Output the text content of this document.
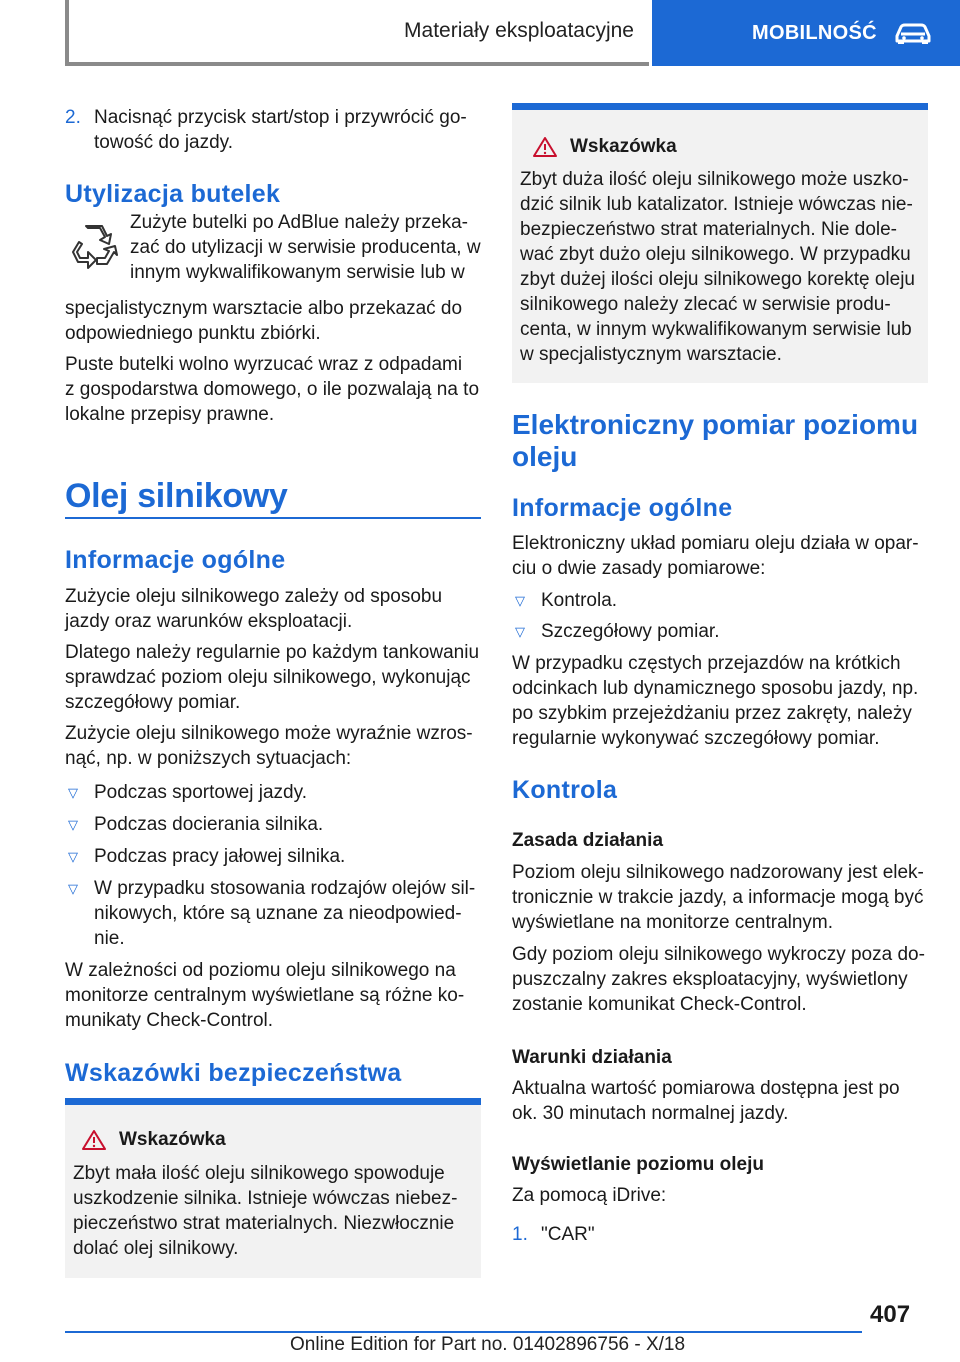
Materiały eksploatacyjne	MOBILNOŚĆ
2. Nacisnąć przycisk start/stop i przywrócić go-
towość do jazdy.
Utylizacja butelek
Zużyte butelki po AdBlue należy przeka-
zać do utylizacji w serwisie producenta, w
innym wykwalifikowanym serwisie lub w
specjalistycznym warsztacie albo przekazać do
odpowiedniego punktu zbiórki.
Puste butelki wolno wyrzucać wraz z odpadami
z gospodarstwa domowego, o ile pozwalają na to
lokalne przepisy prawne.
Olej silnikowy
Informacje ogólne
Zużycie oleju silnikowego zależy od sposobu
jazdy oraz warunków eksploatacji.
Dlatego należy regularnie po każdym tankowaniu
sprawdzać poziom oleju silnikowego, wykonując
szczegółowy pomiar.
Zużycie oleju silnikowego może wyraźnie wzros-
nąć, np. w poniższych sytuacjach:
▽ Podczas sportowej jazdy.
▽ Podczas docierania silnika.
▽ Podczas pracy jałowej silnika.
▽ W przypadku stosowania rodzajów olejów sil-
nikowych, które są uznane za nieodpowied-
nie.
W zależności od poziomu oleju silnikowego na
monitorze centralnym wyświetlane są różne ko-
munikaty Check-Control.
Wskazówki bezpieczeństwa
Wskazówka
Zbyt mała ilość oleju silnikowego spowoduje
uszkodzenie silnika. Istnieje wówczas niebez-
pieczeństwo strat materialnych. Niezwłocznie
dolać olej silnikowy.
Wskazówka
Zbyt duża ilość oleju silnikowego może uszko-
dzić silnik lub katalizator. Istnieje wówczas nie-
bezpieczeństwo strat materialnych. Nie dole-
wać zbyt dużo oleju silnikowego. W przypadku
zbyt dużej ilości oleju silnikowego korektę oleju
silnikowego należy zlecać w serwisie produ-
centa, w innym wykwalifikowanym serwisie lub
w specjalistycznym warsztacie.
Elektroniczny pomiar poziomu
oleju
Informacje ogólne
Elektroniczny układ pomiaru oleju działa w opar-
ciu o dwie zasady pomiarowe:
▽ Kontrola.
▽ Szczegółowy pomiar.
W przypadku częstych przejazdów na krótkich
odcinkach lub dynamicznego sposobu jazdy, np.
po szybkim przejeżdżaniu przez zakręty, należy
regularnie wykonywać szczegółowy pomiar.
Kontrola
Zasada działania
Poziom oleju silnikowego nadzorowany jest elek-
tronicznie w trakcie jazdy, a informacje mogą być
wyświetlane na monitorze centralnym.
Gdy poziom oleju silnikowego wykroczy poza do-
puszczalny zakres eksploatacyjny, wyświetlony
zostanie komunikat Check-Control.
Warunki działania
Aktualna wartość pomiarowa dostępna jest po
ok. 30 minutach normalnej jazdy.
Wyświetlanie poziomu oleju
Za pomocą iDrive:
1. "CAR"
407
Online Edition for Part no. 01402896756 - X/18
